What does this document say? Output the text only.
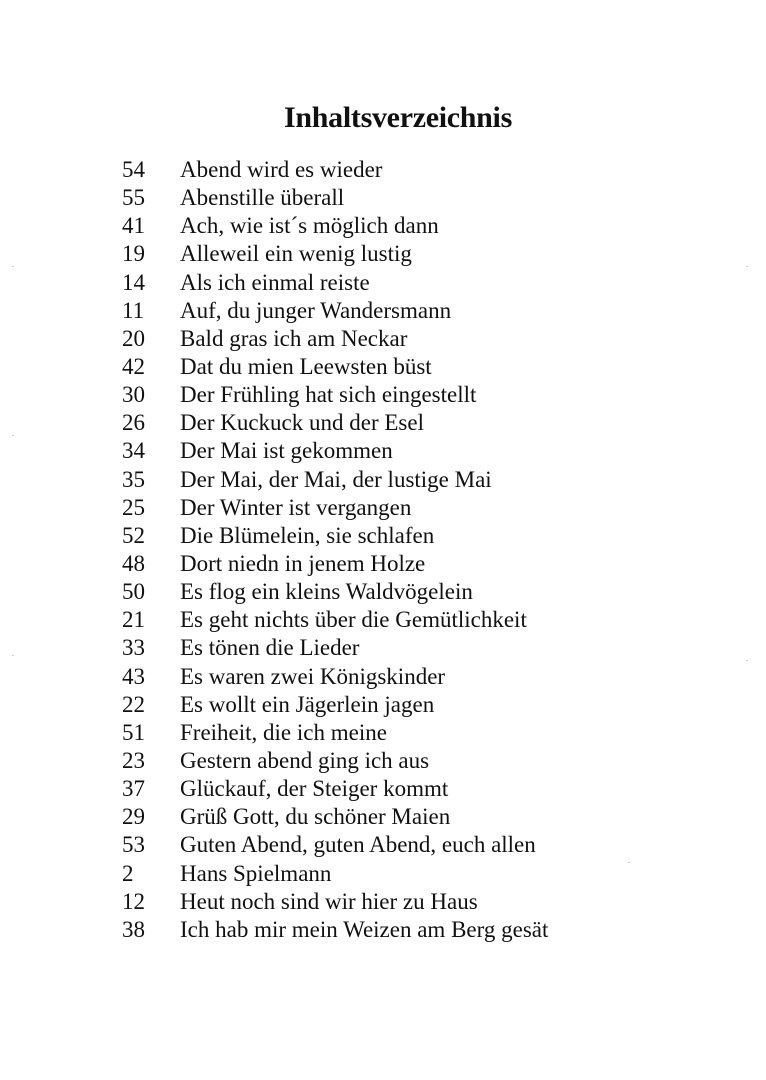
Inhaltsverzeichnis
54	Abend wird es wieder
55	Abenstille überall
41	Ach, wie ist´s möglich dann
19	Alleweil ein wenig lustig
14	Als ich einmal reiste
11	Auf, du junger Wandersmann
20	Bald gras ich am Neckar
42	Dat du mien Leewsten büst
30	Der Frühling hat sich eingestellt
26	Der Kuckuck und der Esel
34	Der Mai ist gekommen
35	Der Mai, der Mai, der lustige Mai
25	Der Winter ist vergangen
52	Die Blümelein, sie schlafen
48	Dort niedn in jenem Holze
50	Es flog ein kleins Waldvögelein
21	Es geht nichts über die Gemütlichkeit
33	Es tönen die Lieder
43	Es waren zwei Königskinder
22	Es wollt ein Jägerlein jagen
51	Freiheit, die ich meine
23	Gestern abend ging ich aus
37	Glückauf, der Steiger kommt
29	Grüß Gott, du schöner Maien
53	Guten Abend, guten Abend, euch allen
2	Hans Spielmann
12	Heut noch sind wir hier zu Haus
38	Ich hab mir mein Weizen am Berg gesät
